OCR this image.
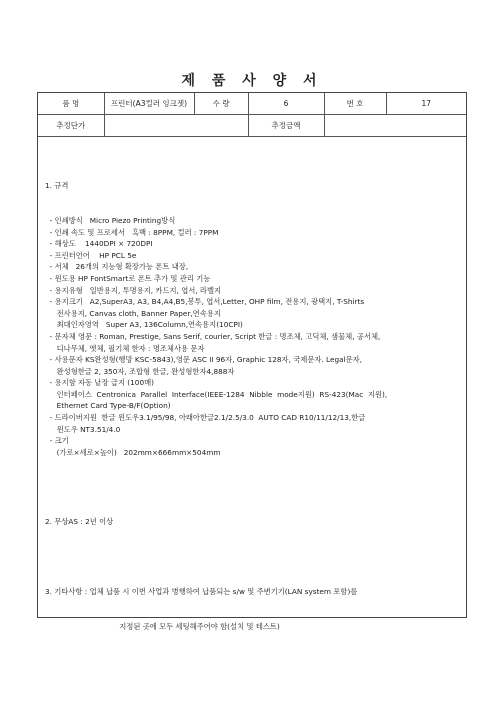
제 품 사 양 서
품 명	프린터(A3컬러 잉크젯)	수 량	6	번 호	17
추정단가			추정금액		

1. 규격

- 인쇄방식   Micro Piezo Printing방식
- 인쇄 속도 및 프로세서   흑백 : 8PPM, 컬러 : 7PPM
- 해상도    1440DPI × 720DPI
- 프린터언어    HP PCL 5e
- 서체   26개의 지능형 확장가능 폰트 내장,
- 윈도용 HP FontSmart로 폰트 추가 및 관리 기능
- 용지유형   일반용지, 투명용지, 카드지, 엽서, 라벨지
- 용지크기   A2,SuperA3, A3, B4,A4,B5,봉투, 엽서,Letter, OHP film, 전용지, 광택지, T-Shirts
전사용지, Canvas cloth, Banner Paper,연속용지
최대인자영역   Super A3, 136Column,연속용지(10CPI)
- 문자체 영문 : Roman, Prestige, Sans Serif, courier, Script 한글 : 명조체, 고딕체, 샘물체, 공서체,
디나무체, 엣체, 필기체 한자 : 명조체사용 문자
- 사용문자 KS완성형(행망 KSC-5843),영문 ASC II 96자, Graphic 128자, 국제문자. Legal문자,
완성형한글 2, 350자, 조합형 한글, 완성형한자4,888자
- 용지함 자동 낱장 급지 (100매)
인터페이스  Centronica  Parallel  Interface(IEEE-1284  Nibble  mode지원)  RS-423(Mac  지원),
Ethernet Card Type-B/F(Option)
- 드라이버지원  한글 윈도우3.1/95/98, 아래아한글2.1/2.5/3.0  AUTO CAD R10/11/12/13,한글
윈도우 NT3.51/4.0
- 크기
(가로×세로×높이)   202mm×666mm×504mm

2. 무상AS : 2년 이상

3. 기타사항 : 업체 납품 시 이번 사업과 병행하여 납품되는 s/w 및 주변기기(LAN system 포함)를

지정된 곳에 모두 세팅해주어야 함(설치 및 테스트)
